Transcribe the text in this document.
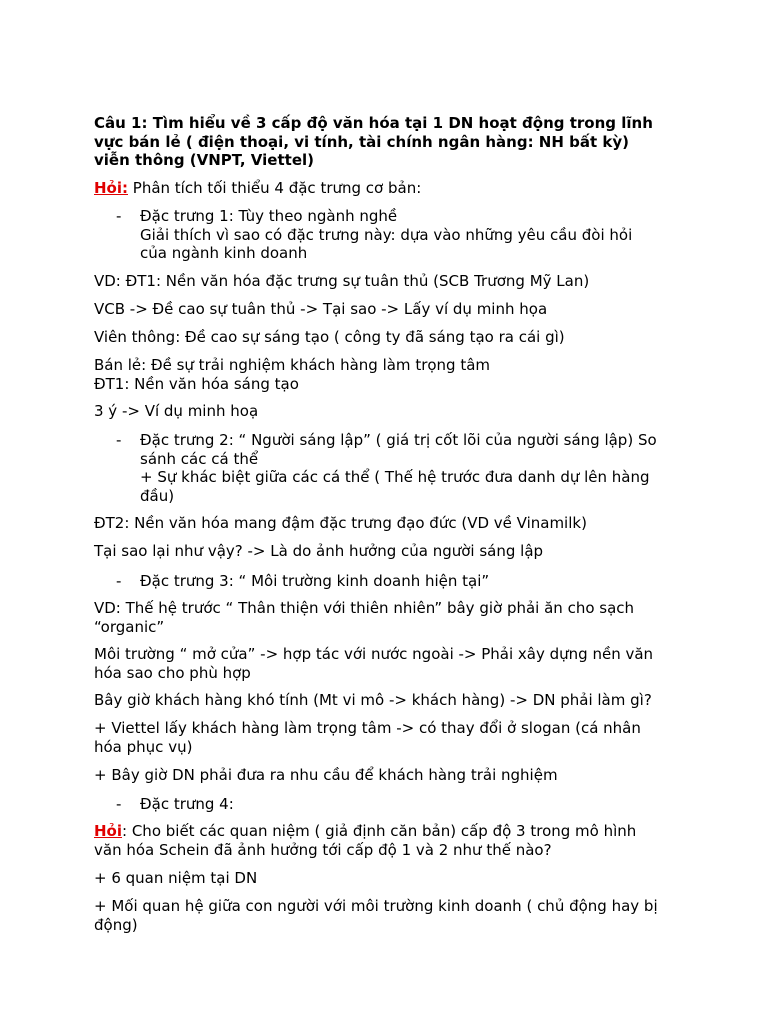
Câu 1: Tìm hiểu về 3 cấp độ văn hóa tại 1 DN hoạt động trong lĩnh
vực bán lẻ ( điện thoại, vi tính, tài chính ngân hàng: NH bất kỳ)
viễn thông (VNPT, Viettel)
Hỏi: Phân tích tối thiểu 4 đặc trưng cơ bản:
- Đặc trưng 1: Tùy theo ngành nghề
Giải thích vì sao có đặc trưng này: dựa vào những yêu cầu đòi hỏi
của ngành kinh doanh
VD: ĐT1: Nền văn hóa đặc trưng sự tuân thủ (SCB Trương Mỹ Lan)
VCB -> Đề cao sự tuân thủ -> Tại sao -> Lấy ví dụ minh họa
Viên thông: Đề cao sự sáng tạo ( công ty đã sáng tạo ra cái gì)
Bán lẻ: Đề sự trải nghiệm khách hàng làm trọng tâm
ĐT1: Nền văn hóa sáng tạo
3 ý -> Ví dụ minh hoạ
- Đặc trưng 2: “ Người sáng lập” ( giá trị cốt lõi của người sáng lập) So
sánh các cá thể
+ Sự khác biệt giữa các cá thể ( Thế hệ trước đưa danh dự lên hàng
đầu)
ĐT2: Nền văn hóa mang đậm đặc trưng đạo đức (VD về Vinamilk)
Tại sao lại như vậy? -> Là do ảnh hưởng của người sáng lập
- Đặc trưng 3: “ Môi trường kinh doanh hiện tại”
VD: Thế hệ trước “ Thân thiện với thiên nhiên” bây giờ phải ăn cho sạch
“organic”
Môi trường “ mở cửa” -> hợp tác với nước ngoài -> Phải xây dựng nền văn
hóa sao cho phù hợp
Bây giờ khách hàng khó tính (Mt vi mô -> khách hàng) -> DN phải làm gì?
+ Viettel lấy khách hàng làm trọng tâm -> có thay đổi ở slogan (cá nhân
hóa phục vụ)
+ Bây giờ DN phải đưa ra nhu cầu để khách hàng trải nghiệm
- Đặc trưng 4:
Hỏi: Cho biết các quan niệm ( giả định căn bản) cấp độ 3 trong mô hình
văn hóa Schein đã ảnh hưởng tới cấp độ 1 và 2 như thế nào?
+ 6 quan niệm tại DN
+ Mối quan hệ giữa con người với môi trường kinh doanh ( chủ động hay bị
động)
